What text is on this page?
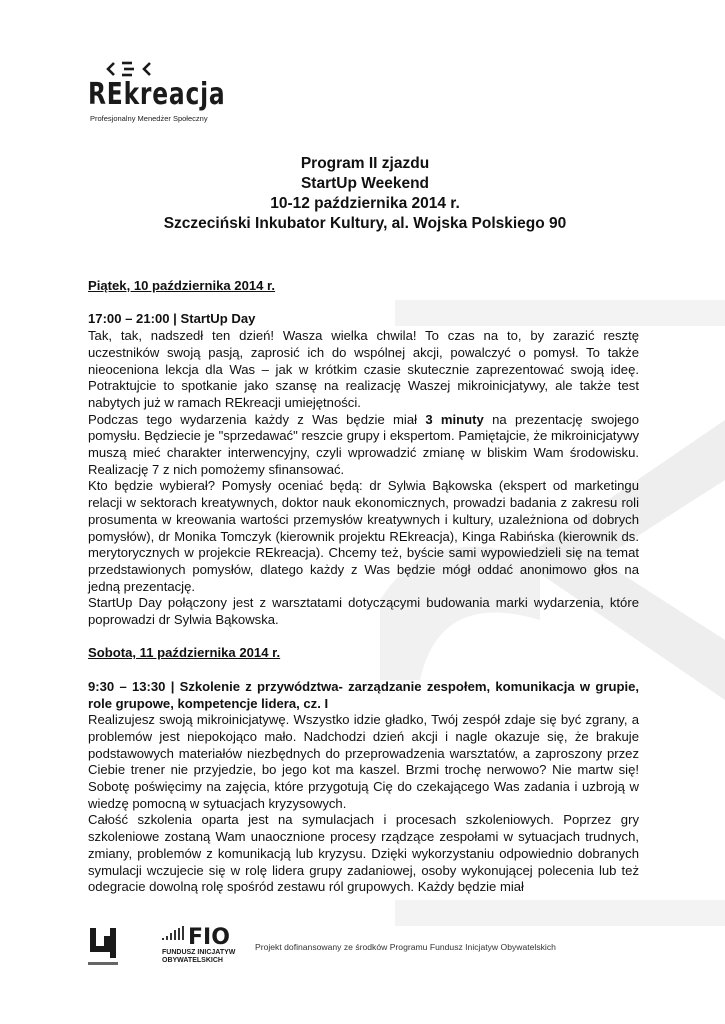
REkreacja
Profesjonalny Menedżer Społeczny
Program II zjazdu
StartUp Weekend
10-12 października 2014 r.
Szczeciński Inkubator Kultury, al. Wojska Polskiego 90

Piątek, 10 października 2014 r.

17:00 – 21:00 | StartUp Day

Tak, tak, nadszedł ten dzień! Wasza wielka chwila! To czas na to, by zarazić resztę uczestników swoją pasją, zaprosić ich do wspólnej akcji, powalczyć o pomysł. To także nieoceniona lekcja dla Was – jak w krótkim czasie skutecznie zaprezentować swoją ideę. Potraktujcie to spotkanie jako szansę na realizację Waszej mikroinicjatywy, ale także test nabytych już w ramach REkreacji umiejętności.

Podczas tego wydarzenia każdy z Was będzie miał 3 minuty na prezentację swojego pomysłu. Będziecie je "sprzedawać" reszcie grupy i ekspertom. Pamiętajcie, że mikroinicjatywy muszą mieć charakter interwencyjny, czyli wprowadzić zmianę w bliskim Wam środowisku. Realizację 7 z nich pomożemy sfinansować.

Kto będzie wybierał? Pomysły oceniać będą: dr Sylwia Bąkowska (ekspert od marketingu relacji w sektorach kreatywnych, doktor nauk ekonomicznych, prowadzi badania z zakresu roli prosumenta w kreowania wartości przemysłów kreatywnych i kultury, uzależniona od dobrych pomysłów), dr Monika Tomczyk (kierownik projektu REkreacja), Kinga Rabińska (kierownik ds. merytorycznych w projekcie REkreacja). Chcemy też, byście sami wypowiedzieli się na temat przedstawionych pomysłów, dlatego każdy z Was będzie mógł oddać anonimowo głos na jedną prezentację.

StartUp Day połączony jest z warsztatami dotyczącymi budowania marki wydarzenia, które poprowadzi dr Sylwia Bąkowska.

Sobota, 11 października 2014 r.

9:30 – 13:30 | Szkolenie z przywództwa- zarządzanie zespołem, komunikacja w grupie, role grupowe, kompetencje lidera, cz. I

Realizujesz swoją mikroinicjatywę. Wszystko idzie gładko, Twój zespół zdaje się być zgrany, a problemów jest niepokojąco mało. Nadchodzi dzień akcji i nagle okazuje się, że brakuje podstawowych materiałów niezbędnych do przeprowadzenia warsztatów, a zaproszony przez Ciebie trener nie przyjedzie, bo jego kot ma kaszel. Brzmi trochę nerwowo? Nie martw się! Sobotę poświęcimy na zajęcia, które przygotują Cię do czekającego Was zadania i uzbroją w wiedzę pomocną w sytuacjach kryzysowych.

Całość szkolenia oparta jest na symulacjach i procesach szkoleniowych. Poprzez gry szkoleniowe zostaną Wam unaocznione procesy rządzące zespołami w sytuacjach trudnych, zmiany, problemów z komunikacją lub kryzysu. Dzięki wykorzystaniu odpowiednio dobranych symulacji wczujecie się w rolę lidera grupy zadaniowej, osoby wykonującej polecenia lub też odegracie dowolną rolę spośród zestawu ról grupowych. Każdy będzie miał

FIO
FUNDUSZ INICJATYW
OBYWATELSKICH
Projekt dofinansowany ze środków Programu Fundusz Inicjatyw Obywatelskich
